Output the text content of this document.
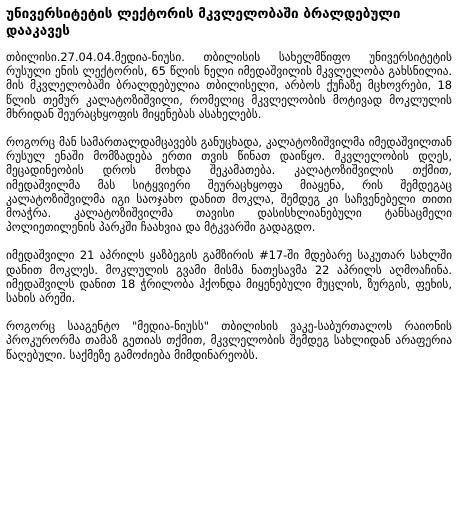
უნივერსიტეტის ლექტორის მკვლელობაში ბრალდებული დააკავეს

თბილისი.27.04.04.მედია-ნიუსი. თბილისის სახელმწიფო უნივერსიტეტის რუსული ენის ლექტორის, 65 წლის ნელი იმედაშვილის მკვლელობა გახსნილია. მის მკვლელობაში ბრალდებულია თბილისელი, არბოს ქუჩაზე მცხოვრები, 18 წლის თემურ კალატოზიშვილი, რომელიც მკვლელობის მოტივად მოკლულის მხრიდან შეურაცხყოფის მიყენებას ასახელებს.

როგორც მან სამართალდამცავებს განუცხადა, კალატოზიშვილმა იმედაშვილთან რუსულ ენაში მომზადება ერთი თვის წინათ დაიწყო. მკვლელობის დღეს, მეცადინეობის დროს მოხდა შეკამათება. კალატოზიშვილის თქმით, იმედაშვილმა მას სიტყვიერი შეურაცხყოფა მიაყენა, რის შემდეგაც კალატოზიშვილმა იგი საოჯახო დანით მოკლა, შემდეგ კი საჩვენებელი თითი მოაჭრა. კალატოზიშვილმა თავისი დასისხლიანებული ტანსაცმელი პოლიეთილენის პარკში ჩაახვია და მტკვარში გადაგდო.

იმედაშვილი 21 აპრილს ყაზბეგის გამზირის #17-ში მდებარე საკუთარ სახლში დანით მოკლეს. მოკლულის გვამი მისმა ნათესავმა 22 აპრილს აღმოაჩინა. იმედაშვილს დანით 18 ჭრილობა ჰქონდა მიყენებული მუცლის, ზურგის, ფეხის, სახის არეში.

როგორც სააგენტო "მედია-ნიუსს" თბილისის ვაკე-საბურთალოს რაიონის პროკურორმა თამაზ გეთიას თქმით, მკვლელობის შემდეგ სახლიდან არაფერია წაღებული. საქმეზე გამოძიება მიმდინარეობს.
